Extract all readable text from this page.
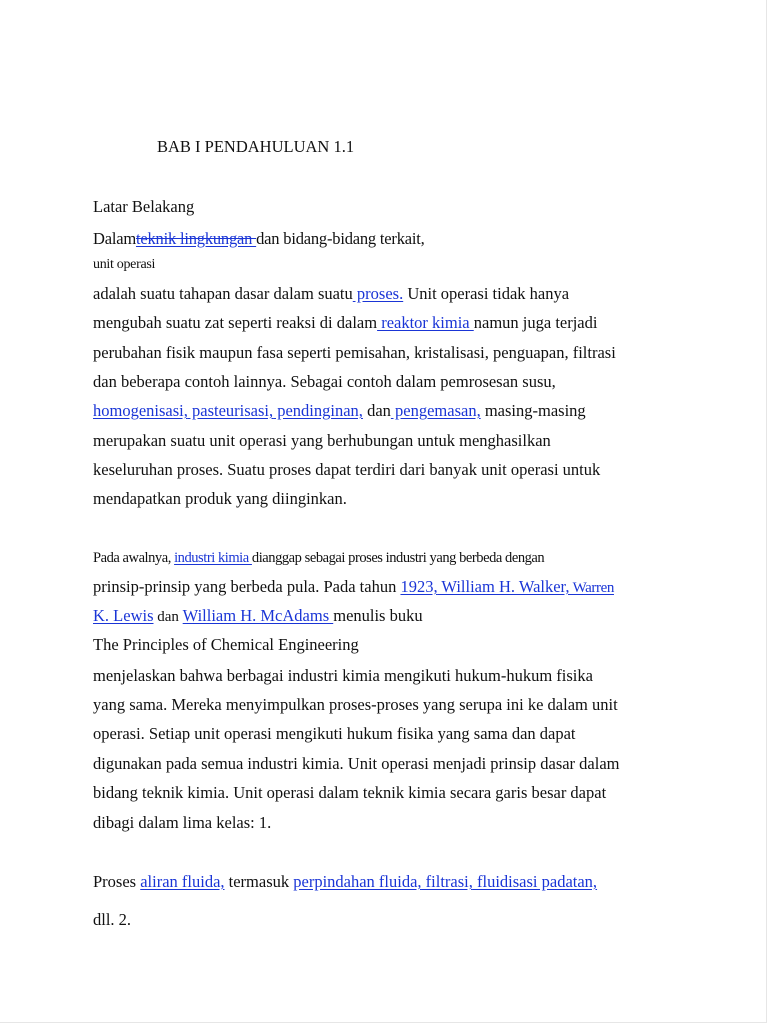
BAB I PENDAHULUAN 1.1
Latar Belakang
Dalamteknik lingkungan dan bidang-bidang terkait,
unit operasi
adalah suatu tahapan dasar dalam suatu proses. Unit operasi tidak hanya
mengubah suatu zat seperti reaksi di dalam reaktor kimia namun juga terjadi
perubahan fisik maupun fasa seperti pemisahan, kristalisasi, penguapan, filtrasi
dan beberapa contoh lainnya. Sebagai contoh dalam pemrosesan susu,
homogenisasi, pasteurisasi, pendinginan, dan pengemasan, masing-masing
merupakan suatu unit operasi yang berhubungan untuk menghasilkan
keseluruhan proses. Suatu proses dapat terdiri dari banyak unit operasi untuk
mendapatkan produk yang diinginkan.
Pada awalnya, industri kimia dianggap sebagai proses industri yang berbeda dengan
prinsip-prinsip yang berbeda pula. Pada tahun 1923, William H. Walker, Warren
K. Lewis dan William H. McAdams menulis buku
The Principles of Chemical Engineering
menjelaskan bahwa berbagai industri kimia mengikuti hukum-hukum fisika
yang sama. Mereka menyimpulkan proses-proses yang serupa ini ke dalam unit
operasi. Setiap unit operasi mengikuti hukum fisika yang sama dan dapat
digunakan pada semua industri kimia. Unit operasi menjadi prinsip dasar dalam
bidang teknik kimia. Unit operasi dalam teknik kimia secara garis besar dapat
dibagi dalam lima kelas: 1.
Proses aliran fluida, termasuk perpindahan fluida, filtrasi, fluidisasi padatan,
dll. 2.
